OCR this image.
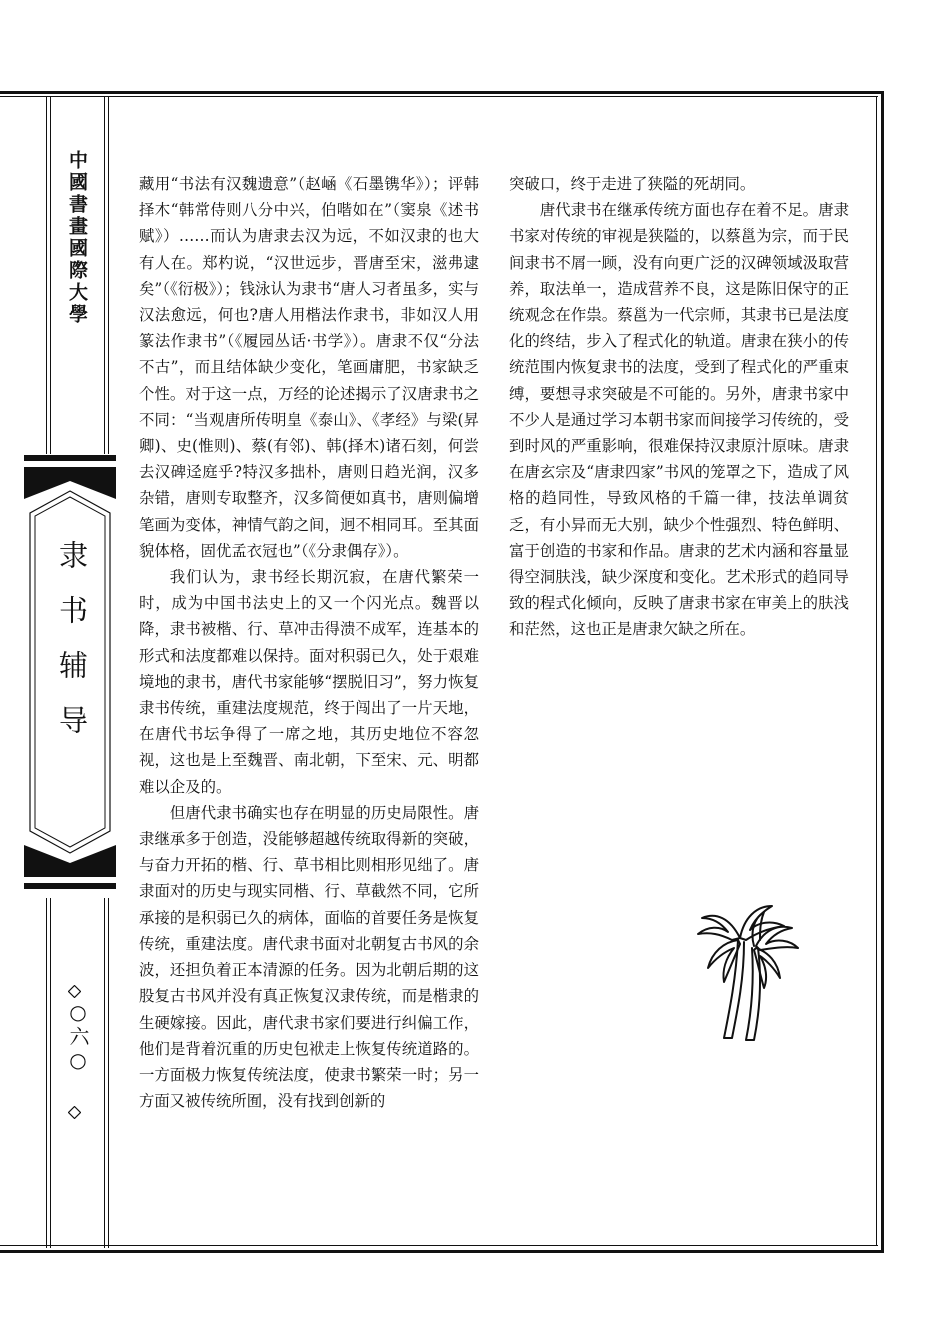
中國書畫國際大學
隶书辅导
○六○

藏用“书法有汉魏遗意”（赵崡《石墨镌华》）；评韩择木“韩常侍则八分中兴，伯喈如在”（窦泉《述书赋》）……而认为唐隶去汉为远，不如汉隶的也大有人在。郑杓说，“汉世远步，晋唐至宋，滋弗逮矣”（《衍极》）；钱泳认为隶书“唐人习者虽多，实与汉法愈远，何也?唐人用楷法作隶书，非如汉人用篆法作隶书”（《履园丛话·书学》）。唐隶不仅“分法不古”，而且结体缺少变化，笔画庸肥，书家缺乏个性。对于这一点，万经的论述揭示了汉唐隶书之不同：“当观唐所传明皇《泰山》、《孝经》与梁(昇卿)、史(惟则)、蔡(有邻)、韩(择木)诸石刻，何尝去汉碑迳庭乎?特汉多拙朴，唐则日趋光润，汉多杂错，唐则专取整齐，汉多简便如真书，唐则偏增笔画为变体，神情气韵之间，迥不相同耳。至其面貌体格，固优孟衣冠也”（《分隶偶存》）。

我们认为，隶书经长期沉寂，在唐代繁荣一时，成为中国书法史上的又一个闪光点。魏晋以降，隶书被楷、行、草冲击得溃不成军，连基本的形式和法度都难以保持。面对积弱已久，处于艰难境地的隶书，唐代书家能够“摆脱旧习”，努力恢复隶书传统，重建法度规范，终于闯出了一片天地，在唐代书坛争得了一席之地，其历史地位不容忽视，这也是上至魏晋、南北朝，下至宋、元、明都难以企及的。

但唐代隶书确实也存在明显的历史局限性。唐隶继承多于创造，没能够超越传统取得新的突破，与奋力开拓的楷、行、草书相比则相形见绌了。唐隶面对的历史与现实同楷、行、草截然不同，它所承接的是积弱已久的病体，面临的首要任务是恢复传统，重建法度。唐代隶书面对北朝复古书风的余波，还担负着正本清源的任务。因为北朝后期的这股复古书风并没有真正恢复汉隶传统，而是楷隶的生硬嫁接。因此，唐代隶书家们要进行纠偏工作，他们是背着沉重的历史包袱走上恢复传统道路的。一方面极力恢复传统法度，使隶书繁荣一时；另一方面又被传统所囿，没有找到创新的

突破口，终于走进了狭隘的死胡同。

唐代隶书在继承传统方面也存在着不足。唐隶书家对传统的审视是狭隘的，以蔡邕为宗，而于民间隶书不屑一顾，没有向更广泛的汉碑领域汲取营养，取法单一，造成营养不良，这是陈旧保守的正统观念在作祟。蔡邕为一代宗师，其隶书已是法度化的终结，步入了程式化的轨道。唐隶在狭小的传统范围内恢复隶书的法度，受到了程式化的严重束缚，要想寻求突破是不可能的。另外，唐隶书家中不少人是通过学习本朝书家而间接学习传统的，受到时风的严重影响，很难保持汉隶原汁原味。唐隶在唐玄宗及“唐隶四家”书风的笼罩之下，造成了风格的趋同性，导致风格的千篇一律，技法单调贫乏，有小异而无大别，缺少个性强烈、特色鲜明、富于创造的书家和作品。唐隶的艺术内涵和容量显得空洞肤浅，缺少深度和变化。艺术形式的趋同导致的程式化倾向，反映了唐隶书家在审美上的肤浅和茫然，这也正是唐隶欠缺之所在。
